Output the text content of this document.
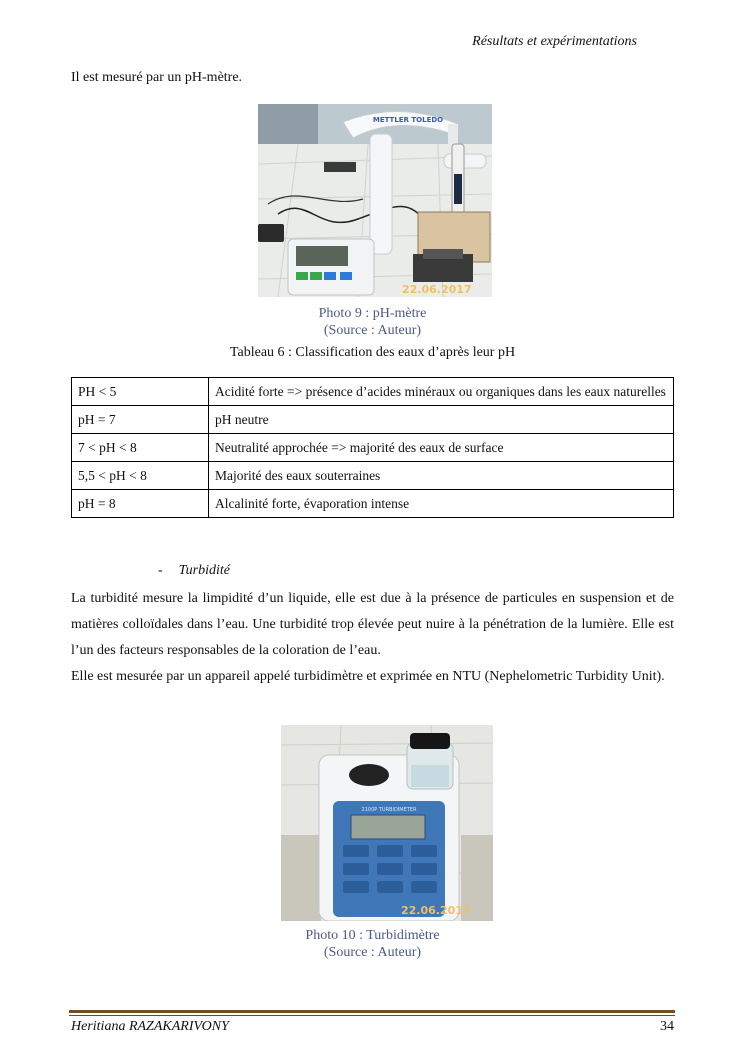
Résultats et expérimentations
Il est mesuré par un pH-mètre.
METTLER TOLEDO
22.06.2017
Photo 9 : pH-mètre
(Source : Auteur)
Tableau 6 : Classification des eaux d’après leur pH
PH < 5	Acidité forte => présence d’acides minéraux ou organiques dans les eaux naturelles
pH = 7	pH neutre
7 < pH < 8	Neutralité approchée => majorité des eaux de surface
5,5 < pH < 8	Majorité des eaux souterraines
pH = 8	Alcalinité forte, évaporation intense
- Turbidité
La turbidité mesure la limpidité d’un liquide, elle est due à la présence de particules en suspension et de matières colloïdales dans l’eau. Une turbidité trop élevée peut nuire à la pénétration de la lumière. Elle est l’un des facteurs responsables de la coloration de l’eau.
Elle est mesurée par un appareil appelé turbidimètre et exprimée en NTU (Nephelometric Turbidity Unit).
2100P TURBIDIMETER
22.06.2017
Photo 10 : Turbidimètre
(Source : Auteur)
Heritiana RAZAKARIVONY	34
